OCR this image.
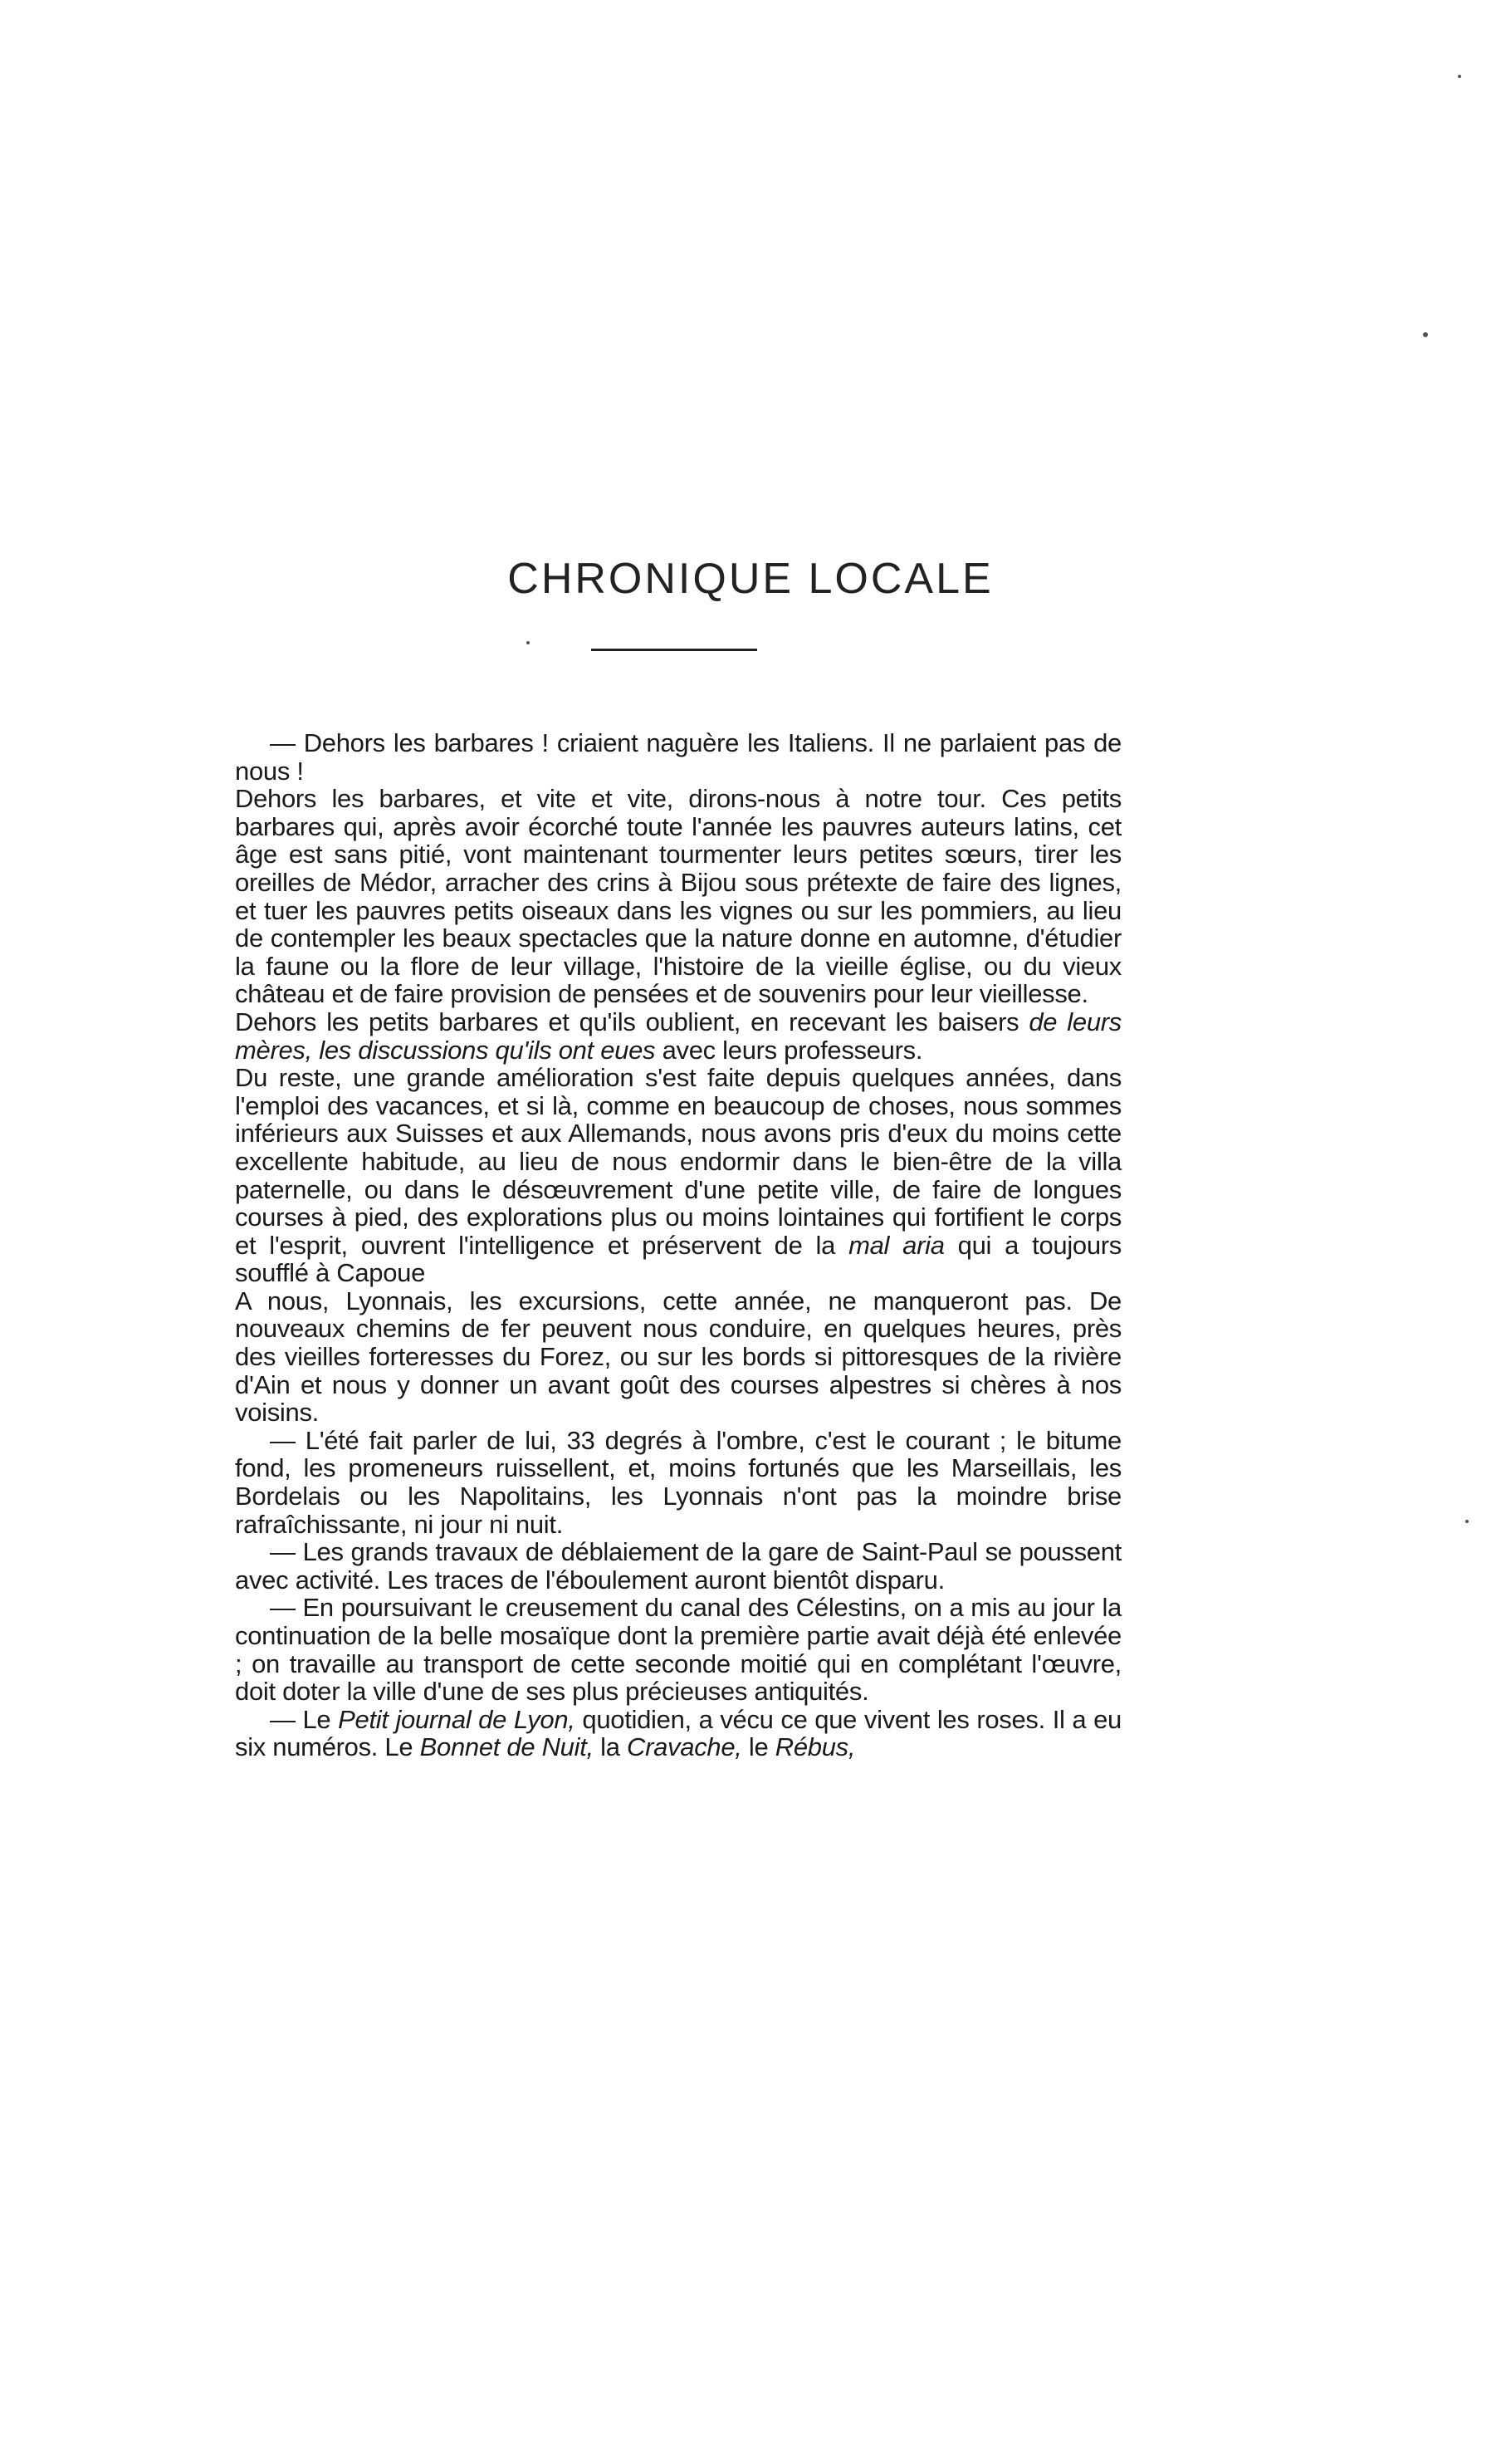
CHRONIQUE LOCALE

— Dehors les barbares ! criaient naguère les Italiens. Il ne parlaient pas de nous !

Dehors les barbares, et vite et vite, dirons-nous à notre tour. Ces petits barbares qui, après avoir écorché toute l'année les pauvres auteurs latins, cet âge est sans pitié, vont maintenant tourmenter leurs petites sœurs, tirer les oreilles de Médor, arracher des crins à Bijou sous prétexte de faire des lignes, et tuer les pauvres petits oiseaux dans les vignes ou sur les pommiers, au lieu de contempler les beaux spectacles que la nature donne en automne, d'étudier la faune ou la flore de leur village, l'histoire de la vieille église, ou du vieux château et de faire provision de pensées et de souvenirs pour leur vieillesse.

Dehors les petits barbares et qu'ils oublient, en recevant les baisers de leurs mères, les discussions qu'ils ont eues avec leurs professeurs.

Du reste, une grande amélioration s'est faite depuis quelques années, dans l'emploi des vacances, et si là, comme en beaucoup de choses, nous sommes inférieurs aux Suisses et aux Allemands, nous avons pris d'eux du moins cette excellente habitude, au lieu de nous endormir dans le bien-être de la villa paternelle, ou dans le désœuvrement d'une petite ville, de faire de longues courses à pied, des explorations plus ou moins lointaines qui fortifient le corps et l'esprit, ouvrent l'intelligence et préservent de la mal aria qui a toujours soufflé à Capoue

A nous, Lyonnais, les excursions, cette année, ne manqueront pas. De nouveaux chemins de fer peuvent nous conduire, en quelques heures, près des vieilles forteresses du Forez, ou sur les bords si pittoresques de la rivière d'Ain et nous y donner un avant goût des courses alpestres si chères à nos voisins.

— L'été fait parler de lui, 33 degrés à l'ombre, c'est le courant ; le bitume fond, les promeneurs ruissellent, et, moins fortunés que les Marseillais, les Bordelais ou les Napolitains, les Lyonnais n'ont pas la moindre brise rafraîchissante, ni jour ni nuit.

— Les grands travaux de déblaiement de la gare de Saint-Paul se poussent avec activité. Les traces de l'éboulement auront bientôt disparu.

— En poursuivant le creusement du canal des Célestins, on a mis au jour la continuation de la belle mosaïque dont la première partie avait déjà été enlevée ; on travaille au transport de cette seconde moitié qui en complétant l'œuvre, doit doter la ville d'une de ses plus précieuses antiquités.

— Le Petit journal de Lyon, quotidien, a vécu ce que vivent les roses. Il a eu six numéros. Le Bonnet de Nuit, la Cravache, le Rébus,
